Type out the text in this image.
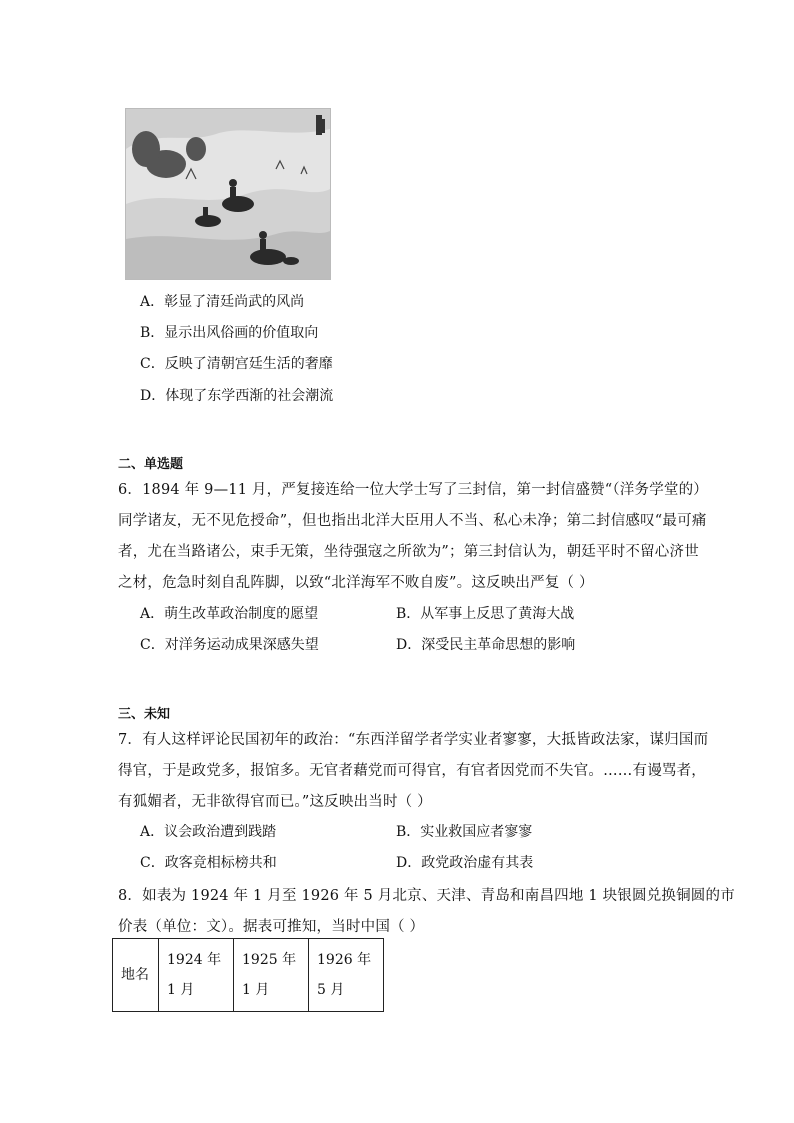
A．彰显了清廷尚武的风尚
B．显示出风俗画的价值取向
C．反映了清朝宫廷生活的奢靡
D．体现了东学西渐的社会潮流
二、单选题
6．1894 年 9—11 月，严复接连给一位大学士写了三封信，第一封信盛赞“（洋务学堂的）
同学诸友，无不见危授命”，但也指出北洋大臣用人不当、私心未净；第二封信感叹“最可痛
者，尤在当路诸公，束手无策，坐待强寇之所欲为”；第三封信认为，朝廷平时不留心济世
之材，危急时刻自乱阵脚，以致“北洋海军不败自废”。这反映出严复（ ）
A．萌生改革政治制度的愿望	B．从军事上反思了黄海大战
C．对洋务运动成果深感失望	D．深受民主革命思想的影响
三、未知
7．有人这样评论民国初年的政治：“东西洋留学者学实业者寥寥，大抵皆政法家，谋归国而
得官，于是政党多，报馆多。无官者藉党而可得官，有官者因党而不失官。……有谩骂者，
有狐媚者，无非欲得官而已。”这反映出当时（ ）
A．议会政治遭到践踏	B．实业救国应者寥寥
C．政客竞相标榜共和	D．政党政治虚有其表
8．如表为 1924 年 1 月至 1926 年 5 月北京、天津、青岛和南昌四地 1 块银圆兑换铜圆的市
价表（单位：文）。据表可推知，当时中国（ ）
地名	1924 年 1 月	1925 年 1 月	1926 年 5 月
